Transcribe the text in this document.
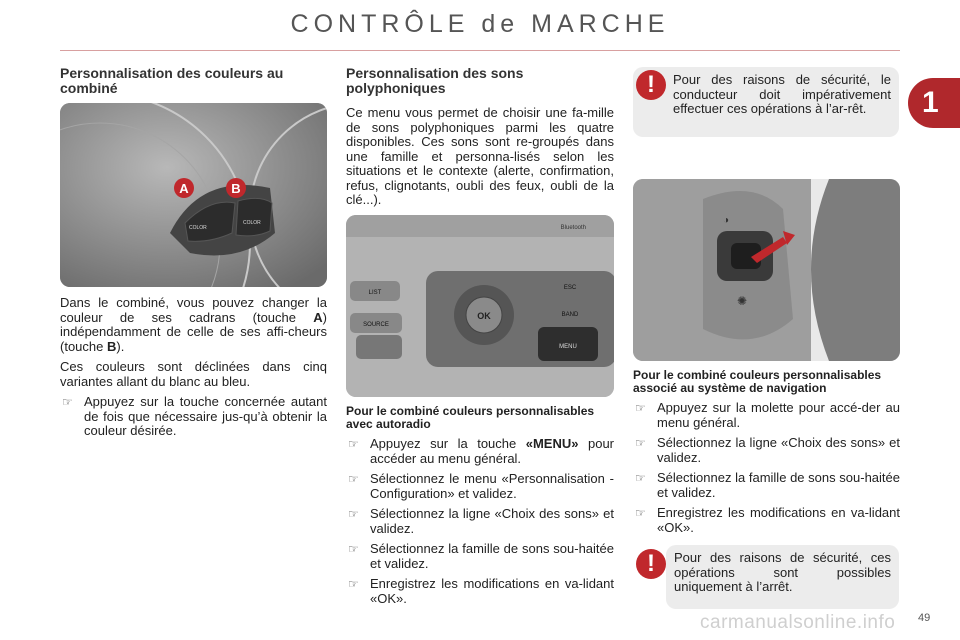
CONTRÔLE de MARCHE
1
Personnalisation des couleurs au combiné
COLOR
COLOR
A	B

Dans le combiné, vous pouvez changer la couleur de ses cadrans (touche A) indépendamment de celle de ses affi-cheurs (touche B).

Ces couleurs sont déclinées dans cinq variantes allant du blanc au bleu.

☞ Appuyez sur la touche concernée autant de fois que nécessaire jus-qu’à obtenir la couleur désirée.
Personnalisation des sons polyphoniques

Ce menu vous permet de choisir une fa-mille de sons polyphoniques parmi les quatre disponibles. Ces sons sont re-groupés dans une famille et personna-lisés selon les situations et le contexte (alerte, confirmation, refus, clignotants, oubli des feux, oubli de la clé...).

Bluetooth
LIST
SOURCE
OK
ESC
BAND
MENU
Pour le combiné couleurs personnalisables avec autoradio
☞ Appuyez sur la touche «MENU» pour accéder au menu général.
☞ Sélectionnez le menu «Personnalisation - Configuration» et validez.
☞ Sélectionnez la ligne «Choix des sons» et validez.
☞ Sélectionnez la famille de sons sou-haitée et validez.
☞ Enregistrez les modifications en va-lidant «OK».
Pour des raisons de sécurité, le conducteur doit impérativement effectuer ces opérations à l’ar-rêt.
!
◑
✺
Pour le combiné couleurs personnalisables associé au système de navigation
☞ Appuyez sur la molette pour accé-der au menu général.
☞ Sélectionnez la ligne «Choix des sons» et validez.
☞ Sélectionnez la famille de sons sou-haitée et validez.
☞ Enregistrez les modifications en va-lidant «OK».
Pour des raisons de sécurité, ces opérations sont possibles uniquement à l’arrêt.
!
carmanualsonline.info 49
